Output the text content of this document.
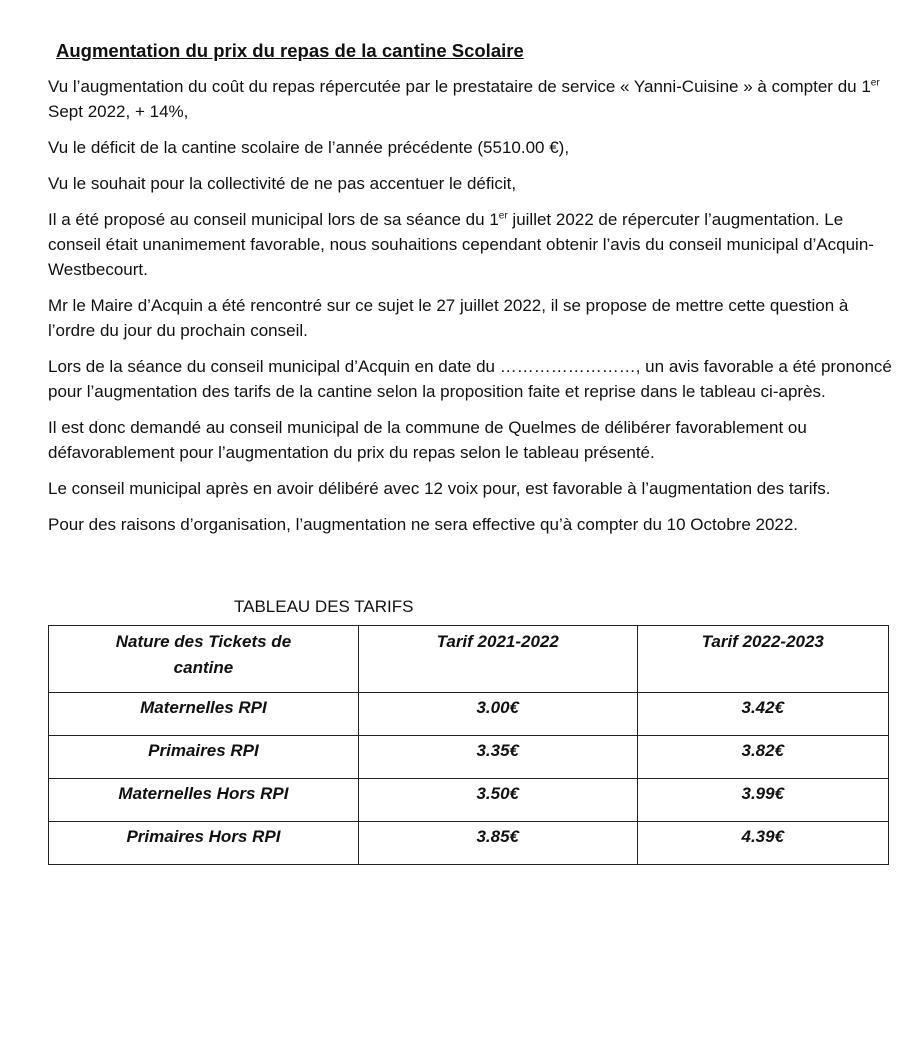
Augmentation du prix du repas de la cantine Scolaire

Vu l’augmentation du coût du repas répercutée par le prestataire de service « Yanni-Cuisine » à compter du 1er Sept 2022, + 14%,

Vu le déficit de la cantine scolaire de l’année précédente (5510.00 €),

Vu le souhait pour la collectivité de ne pas accentuer le déficit,

Il a été proposé au conseil municipal lors de sa séance du 1er juillet 2022 de répercuter l’augmentation. Le conseil était unanimement favorable, nous souhaitions cependant obtenir l’avis du conseil municipal d’Acquin-Westbecourt.

Mr le Maire d’Acquin a été rencontré sur ce sujet le 27 juillet 2022, il se propose de mettre cette question à l’ordre du jour du prochain conseil.

Lors de la séance du conseil municipal d’Acquin en date du ……………………, un avis favorable a été prononcé pour l’augmentation des tarifs de la cantine selon la proposition faite et reprise dans le tableau ci-après.

Il est donc demandé au conseil municipal de la commune de Quelmes de délibérer favorablement ou défavorablement pour l’augmentation du prix du repas selon le tableau présenté.

Le conseil municipal après en avoir délibéré avec 12 voix pour, est favorable à l’augmentation des tarifs.

Pour des raisons d’organisation, l’augmentation ne sera effective qu’à compter du 10 Octobre 2022.

TABLEAU DES TARIFS
Nature des Tickets de cantine	Tarif 2021-2022	Tarif 2022-2023
Maternelles RPI	3.00€	3.42€
Primaires RPI	3.35€	3.82€
Maternelles Hors RPI	3.50€	3.99€
Primaires Hors RPI	3.85€	4.39€
